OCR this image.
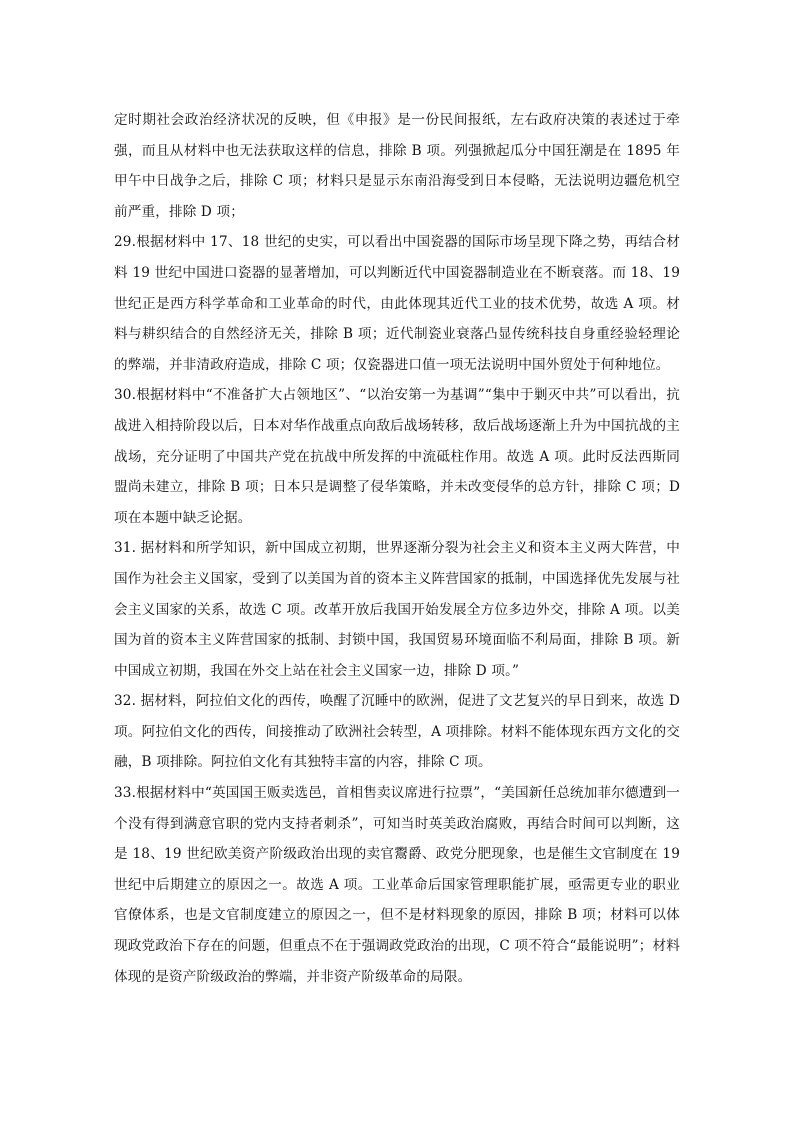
定时期社会政治经济状况的反映，但《申报》是一份民间报纸，左右政府决策的表述过于牵强，而且从材料中也无法获取这样的信息，排除 B 项。列强掀起瓜分中国狂潮是在 1895 年甲午中日战争之后，排除 C 项；材料只是显示东南沿海受到日本侵略，无法说明边疆危机空前严重，排除 D 项；

29.根据材料中 17、18 世纪的史实，可以看出中国瓷器的国际市场呈现下降之势，再结合材料 19 世纪中国进口瓷器的显著增加，可以判断近代中国瓷器制造业在不断衰落。而 18、19 世纪正是西方科学革命和工业革命的时代，由此体现其近代工业的技术优势，故选 A 项。材料与耕织结合的自然经济无关，排除 B 项；近代制瓷业衰落凸显传统科技自身重经验轻理论的弊端，并非清政府造成，排除 C 项；仅瓷器进口值一项无法说明中国外贸处于何种地位。

30.根据材料中“不准备扩大占领地区”、“以治安第一为基调”“集中于剿灭中共”可以看出，抗战进入相持阶段以后，日本对华作战重点向敌后战场转移，敌后战场逐渐上升为中国抗战的主战场，充分证明了中国共产党在抗战中所发挥的中流砥柱作用。故选 A 项。此时反法西斯同盟尚未建立，排除 B 项；日本只是调整了侵华策略，并未改变侵华的总方针，排除 C 项；D 项在本题中缺乏论据。

31. 据材料和所学知识，新中国成立初期，世界逐渐分裂为社会主义和资本主义两大阵营，中国作为社会主义国家，受到了以美国为首的资本主义阵营国家的抵制，中国选择优先发展与社会主义国家的关系，故选 C 项。改革开放后我国开始发展全方位多边外交，排除 A 项。以美国为首的资本主义阵营国家的抵制、封锁中国，我国贸易环境面临不利局面，排除 B 项。新中国成立初期，我国在外交上站在社会主义国家一边，排除 D 项。”

32. 据材料，阿拉伯文化的西传，唤醒了沉睡中的欧洲，促进了文艺复兴的早日到来，故选 D 项。阿拉伯文化的西传，间接推动了欧洲社会转型，A 项排除。材料不能体现东西方文化的交融，B 项排除。阿拉伯文化有其独特丰富的内容，排除 C 项。

33.根据材料中“英国国王贩卖选邑，首相售卖议席进行拉票”，“美国新任总统加菲尔德遭到一个没有得到满意官职的党内支持者刺杀”，可知当时英美政治腐败，再结合时间可以判断，这是 18、19 世纪欧美资产阶级政治出现的卖官鬻爵、政党分肥现象，也是催生文官制度在 19 世纪中后期建立的原因之一。故选 A 项。工业革命后国家管理职能扩展，亟需更专业的职业官僚体系，也是文官制度建立的原因之一，但不是材料现象的原因，排除 B 项；材料可以体现政党政治下存在的问题，但重点不在于强调政党政治的出现，C 项不符合“最能说明”；材料体现的是资产阶级政治的弊端，并非资产阶级革命的局限。
